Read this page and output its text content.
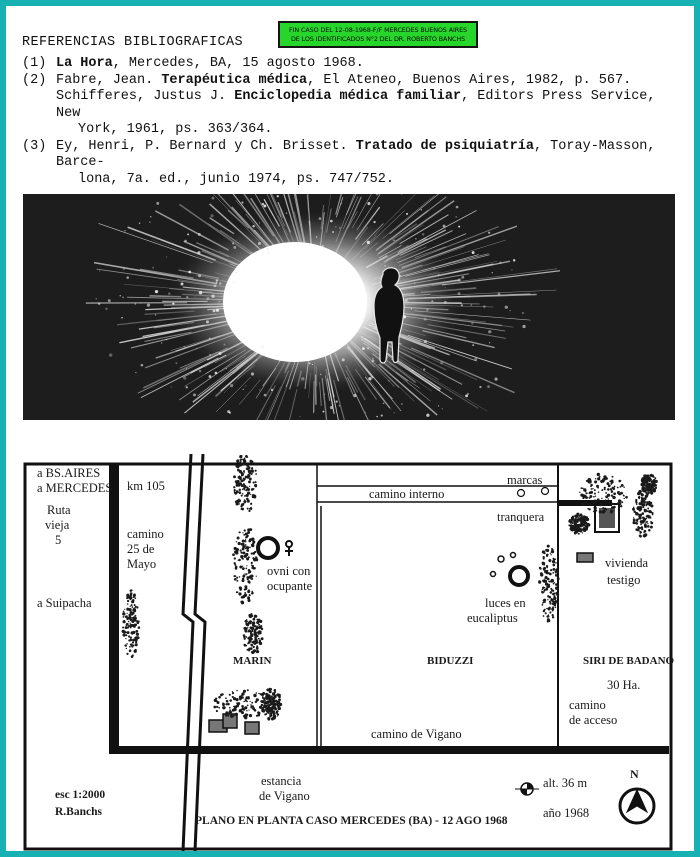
FIN CASO DEL 12-08-1968-F/F MERCEDES BUENOS AIRES
DE LOS IDENTIFICADOS N°2 DEL DR. ROBERTO BANCHS
REFERENCIAS BIBLIOGRAFICAS
(1) La Hora, Mercedes, BA, 15 agosto 1968.
(2) Fabre, Jean. Terapéutica médica, El Ateneo, Buenos Aires, 1982, p. 567.
Schifferes, Justus J. Enciclopedia médica familiar, Editors Press Service, New
York, 1961, ps. 363/364.
(3) Ey, Henri, P. Bernard y Ch. Brisset. Tratado de psiquiatría, Toray-Masson, Barce-
lona, 7a. ed., junio 1974, ps. 747/752.
a BS.AIRES
a MERCEDES
Ruta
vieja
5
a Suipacha
km 105
camino
25 de
Mayo
camino interno
marcas
tranquera
ovni con
ocupante
luces en
eucaliptus
vivienda
testigo
MARIN	BIDUZZI	SIRI DE BADANO
30 Ha.
camino
de acceso
camino de Vigano
estancia
de Vigano
esc 1:2000
R.Banchs
alt. 36 m
año 1968
N
PLANO EN PLANTA CASO MERCEDES (BA) - 12 AGO 1968
